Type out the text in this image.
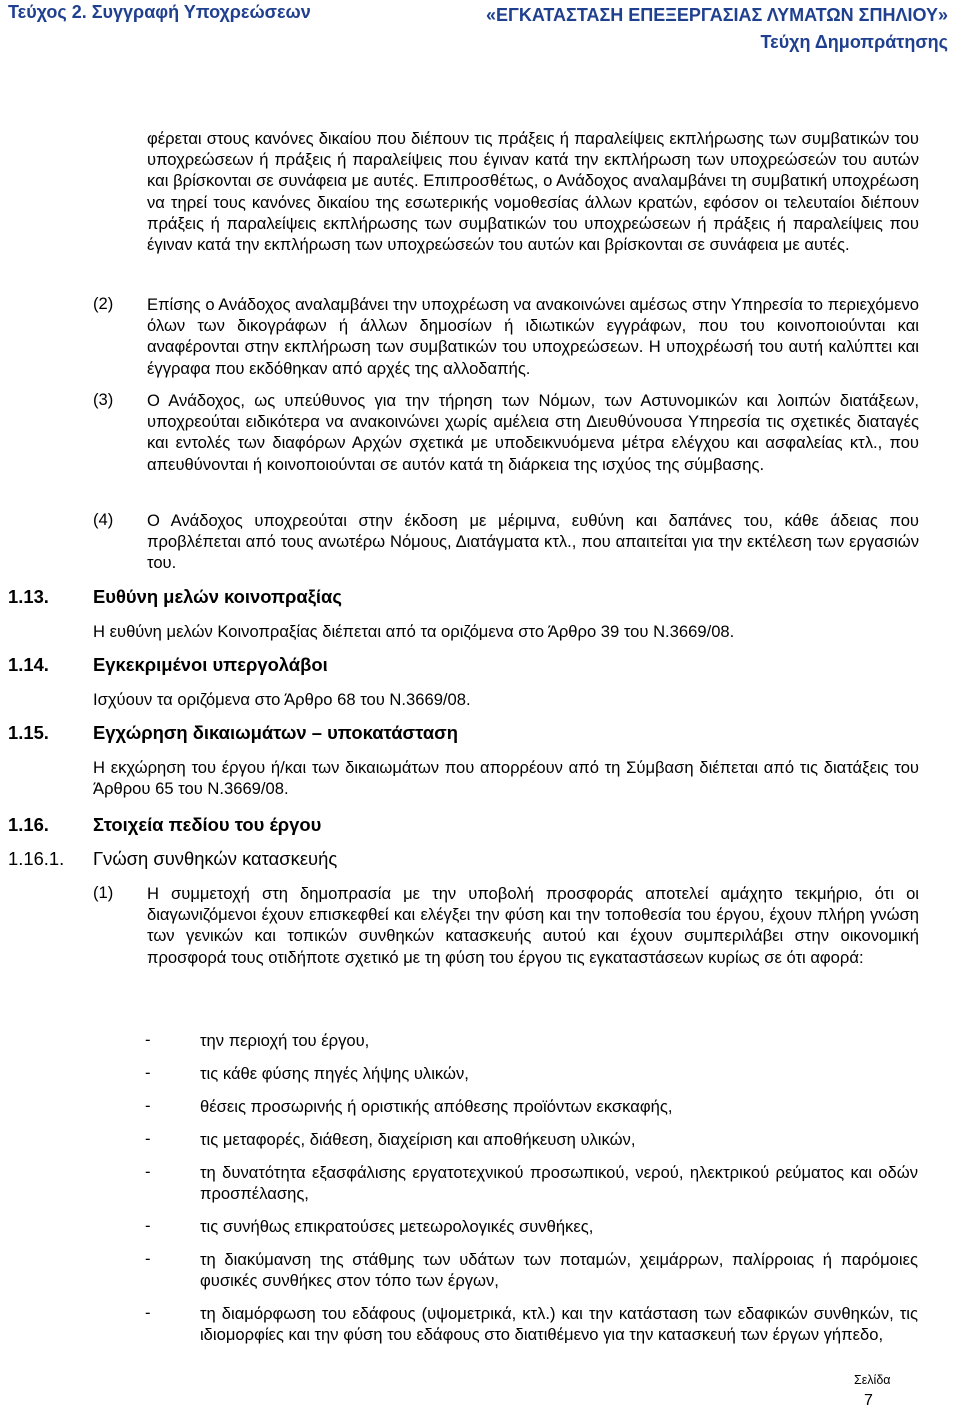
Τεύχος 2. Συγγραφή Υποχρεώσεων	«ΕΓΚΑΤΑΣΤΑΣΗ ΕΠΕΞΕΡΓΑΣΙΑΣ ΛΥΜΑΤΩΝ ΣΠΗΛΙΟΥ»
Τεύχη Δημοπράτησης
φέρεται στους κανόνες δικαίου που διέπουν τις πράξεις ή παραλείψεις εκπλήρωσης των συμβατικών του υποχρεώσεων ή πράξεις ή παραλείψεις που έγιναν κατά την εκπλήρωση των υποχρεώσεών του αυτών και βρίσκονται σε συνάφεια με αυτές. Επιπροσθέτως, ο Ανάδοχος αναλαμβάνει τη συμβατική υποχρέωση να τηρεί τους κανόνες δικαίου της εσωτερικής νομοθεσίας άλλων κρατών, εφόσον οι τελευταίοι διέπουν πράξεις ή παραλείψεις εκπλήρωσης των συμβατικών του υποχρεώσεων ή πράξεις ή παραλείψεις που έγιναν κατά την εκπλήρωση των υποχρεώσεών του αυτών και βρίσκονται σε συνάφεια με αυτές.
(2) Επίσης ο Ανάδοχος αναλαμβάνει την υποχρέωση να ανακοινώνει αμέσως στην Υπηρεσία το περιεχόμενο όλων των δικογράφων ή άλλων δημοσίων ή ιδιωτικών εγγράφων, που του κοινοποιούνται και αναφέρονται στην εκπλήρωση των συμβατικών του υποχρεώσεων. Η υποχρέωσή του αυτή καλύπτει και έγγραφα που εκδόθηκαν από αρχές της αλλοδαπής.
(3) Ο Ανάδοχος, ως υπεύθυνος για την τήρηση των Νόμων, των Αστυνομικών και λοιπών διατάξεων, υποχρεούται ειδικότερα να ανακοινώνει χωρίς αμέλεια στη Διευθύνουσα Υπηρεσία τις σχετικές διαταγές και εντολές των διαφόρων Αρχών σχετικά με υποδεικνυόμενα μέτρα ελέγχου και ασφαλείας κτλ., που απευθύνονται ή κοινοποιούνται σε αυτόν κατά τη διάρκεια της ισχύος της σύμβασης.
(4) Ο Ανάδοχος υποχρεούται στην έκδοση με μέριμνα, ευθύνη και δαπάνες του, κάθε άδειας που προβλέπεται από τους ανωτέρω Νόμους, Διατάγματα κτλ., που απαιτείται για την εκτέλεση των εργασιών του.
1.13. Ευθύνη μελών κοινοπραξίας
Η ευθύνη μελών Κοινοπραξίας διέπεται από τα οριζόμενα στο Άρθρο 39 του Ν.3669/08.
1.14. Εγκεκριμένοι υπεργολάβοι
Ισχύουν τα οριζόμενα στο Άρθρο 68 του Ν.3669/08.
1.15. Εγχώρηση δικαιωμάτων – υποκατάσταση
Η εκχώρηση του έργου ή/και των δικαιωμάτων που απορρέουν από τη Σύμβαση διέπεται από τις διατάξεις του Άρθρου 65 του Ν.3669/08.
1.16. Στοιχεία πεδίου του έργου
1.16.1. Γνώση συνθηκών κατασκευής
(1) Η συμμετοχή στη δημοπρασία με την υποβολή προσφοράς αποτελεί αμάχητο τεκμήριο, ότι οι διαγωνιζόμενοι έχουν επισκεφθεί και ελέγξει την φύση και την τοποθεσία του έργου, έχουν πλήρη γνώση των γενικών και τοπικών συνθηκών κατασκευής αυτού και έχουν συμπεριλάβει στην οικονομική προσφορά τους οτιδήποτε σχετικό με τη φύση του έργου τις εγκαταστάσεων κυρίως σε ότι αφορά:
-	την περιοχή του έργου,
-	τις κάθε φύσης πηγές λήψης υλικών,
-	θέσεις προσωρινής ή οριστικής απόθεσης προϊόντων εκσκαφής,
-	τις μεταφορές, διάθεση, διαχείριση και αποθήκευση υλικών,
-	τη δυνατότητα εξασφάλισης εργατοτεχνικού προσωπικού, νερού, ηλεκτρικού ρεύματος και οδών προσπέλασης,
-	τις συνήθως επικρατούσες μετεωρολογικές συνθήκες,
-	τη διακύμανση της στάθμης των υδάτων των ποταμών, χειμάρρων, παλίρροιας ή παρόμοιες φυσικές συνθήκες στον τόπο των έργων,
-	τη διαμόρφωση του εδάφους (υψομετρικά, κτλ.) και την κατάσταση των εδαφικών συνθηκών, τις ιδιομορφίες και την φύση του εδάφους στο διατιθέμενο για την κατασκευή των έργων γήπεδο,
Σελίδα
7
